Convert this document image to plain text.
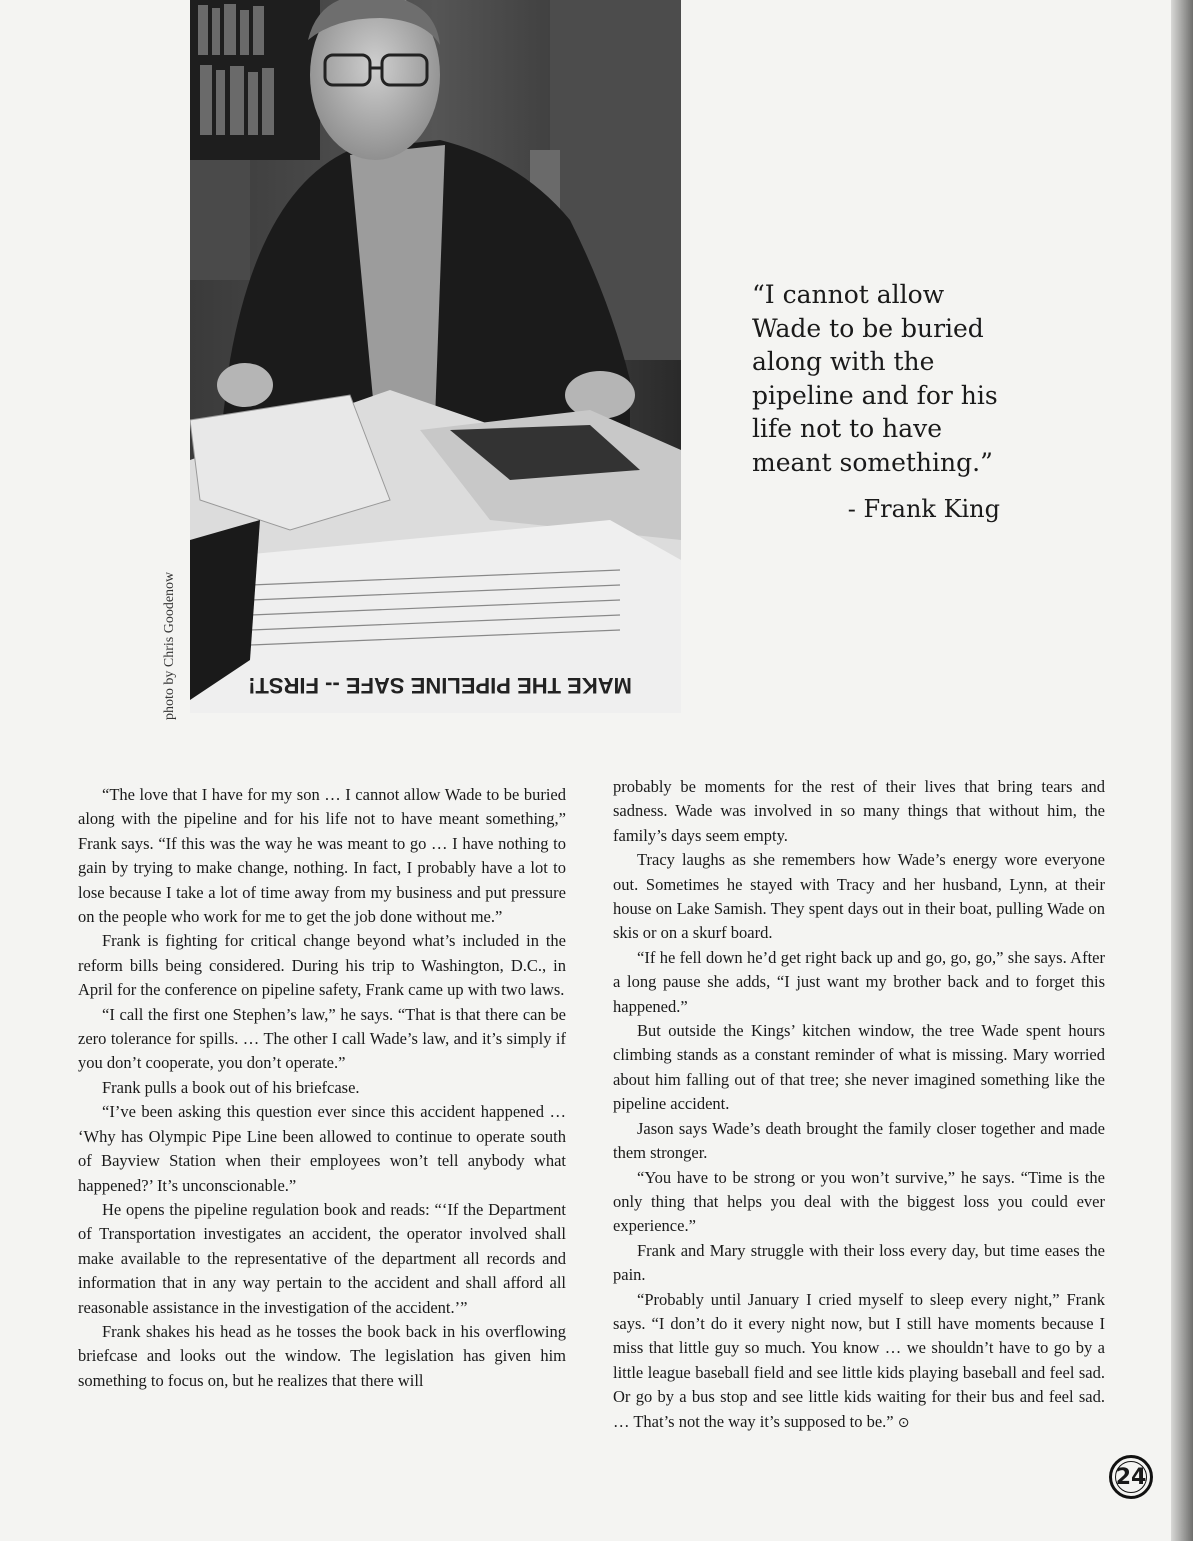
MAKE THE PIPELINE SAFE -- FIRST!
photo by Chris Goodenow
“I cannot allow Wade to be buried along with the pipeline and for his life not to have meant something.”
- Frank King

“The love that I have for my son … I cannot allow Wade to be buried along with the pipeline and for his life not to have meant something,” Frank says. “If this was the way he was meant to go … I have nothing to gain by trying to make change, nothing. In fact, I probably have a lot to lose because I take a lot of time away from my business and put pressure on the people who work for me to get the job done without me.”

Frank is fighting for critical change beyond what’s included in the reform bills being considered. During his trip to Washington, D.C., in April for the conference on pipeline safety, Frank came up with two laws.

“I call the first one Stephen’s law,” he says. “That is that there can be zero tolerance for spills. … The other I call Wade’s law, and it’s simply if you don’t cooperate, you don’t operate.”

Frank pulls a book out of his briefcase.

“I’ve been asking this question ever since this accident happened … ‘Why has Olympic Pipe Line been allowed to continue to operate south of Bayview Station when their employees won’t tell anybody what happened?’ It’s unconscionable.”

He opens the pipeline regulation book and reads: “‘If the Department of Transportation investigates an accident, the operator involved shall make available to the representative of the department all records and information that in any way pertain to the accident and shall afford all reasonable assistance in the investigation of the accident.’”

Frank shakes his head as he tosses the book back in his overflowing briefcase and looks out the window. The legislation has given him something to focus on, but he realizes that there will

probably be moments for the rest of their lives that bring tears and sadness. Wade was involved in so many things that without him, the family’s days seem empty.

Tracy laughs as she remembers how Wade’s energy wore everyone out. Sometimes he stayed with Tracy and her husband, Lynn, at their house on Lake Samish. They spent days out in their boat, pulling Wade on skis or on a skurf board.

“If he fell down he’d get right back up and go, go, go,” she says. After a long pause she adds, “I just want my brother back and to forget this happened.”

But outside the Kings’ kitchen window, the tree Wade spent hours climbing stands as a constant reminder of what is missing. Mary worried about him falling out of that tree; she never imagined something like the pipeline accident.

Jason says Wade’s death brought the family closer together and made them stronger.

“You have to be strong or you won’t survive,” he says. “Time is the only thing that helps you deal with the biggest loss you could ever experience.”

Frank and Mary struggle with their loss every day, but time eases the pain.

“Probably until January I cried myself to sleep every night,” Frank says. “I don’t do it every night now, but I still have moments because I miss that little guy so much. You know … we shouldn’t have to go by a little league baseball field and see little kids playing baseball and feel sad. Or go by a bus stop and see little kids waiting for their bus and feel sad. … That’s not the way it’s supposed to be.” ⊙

24
